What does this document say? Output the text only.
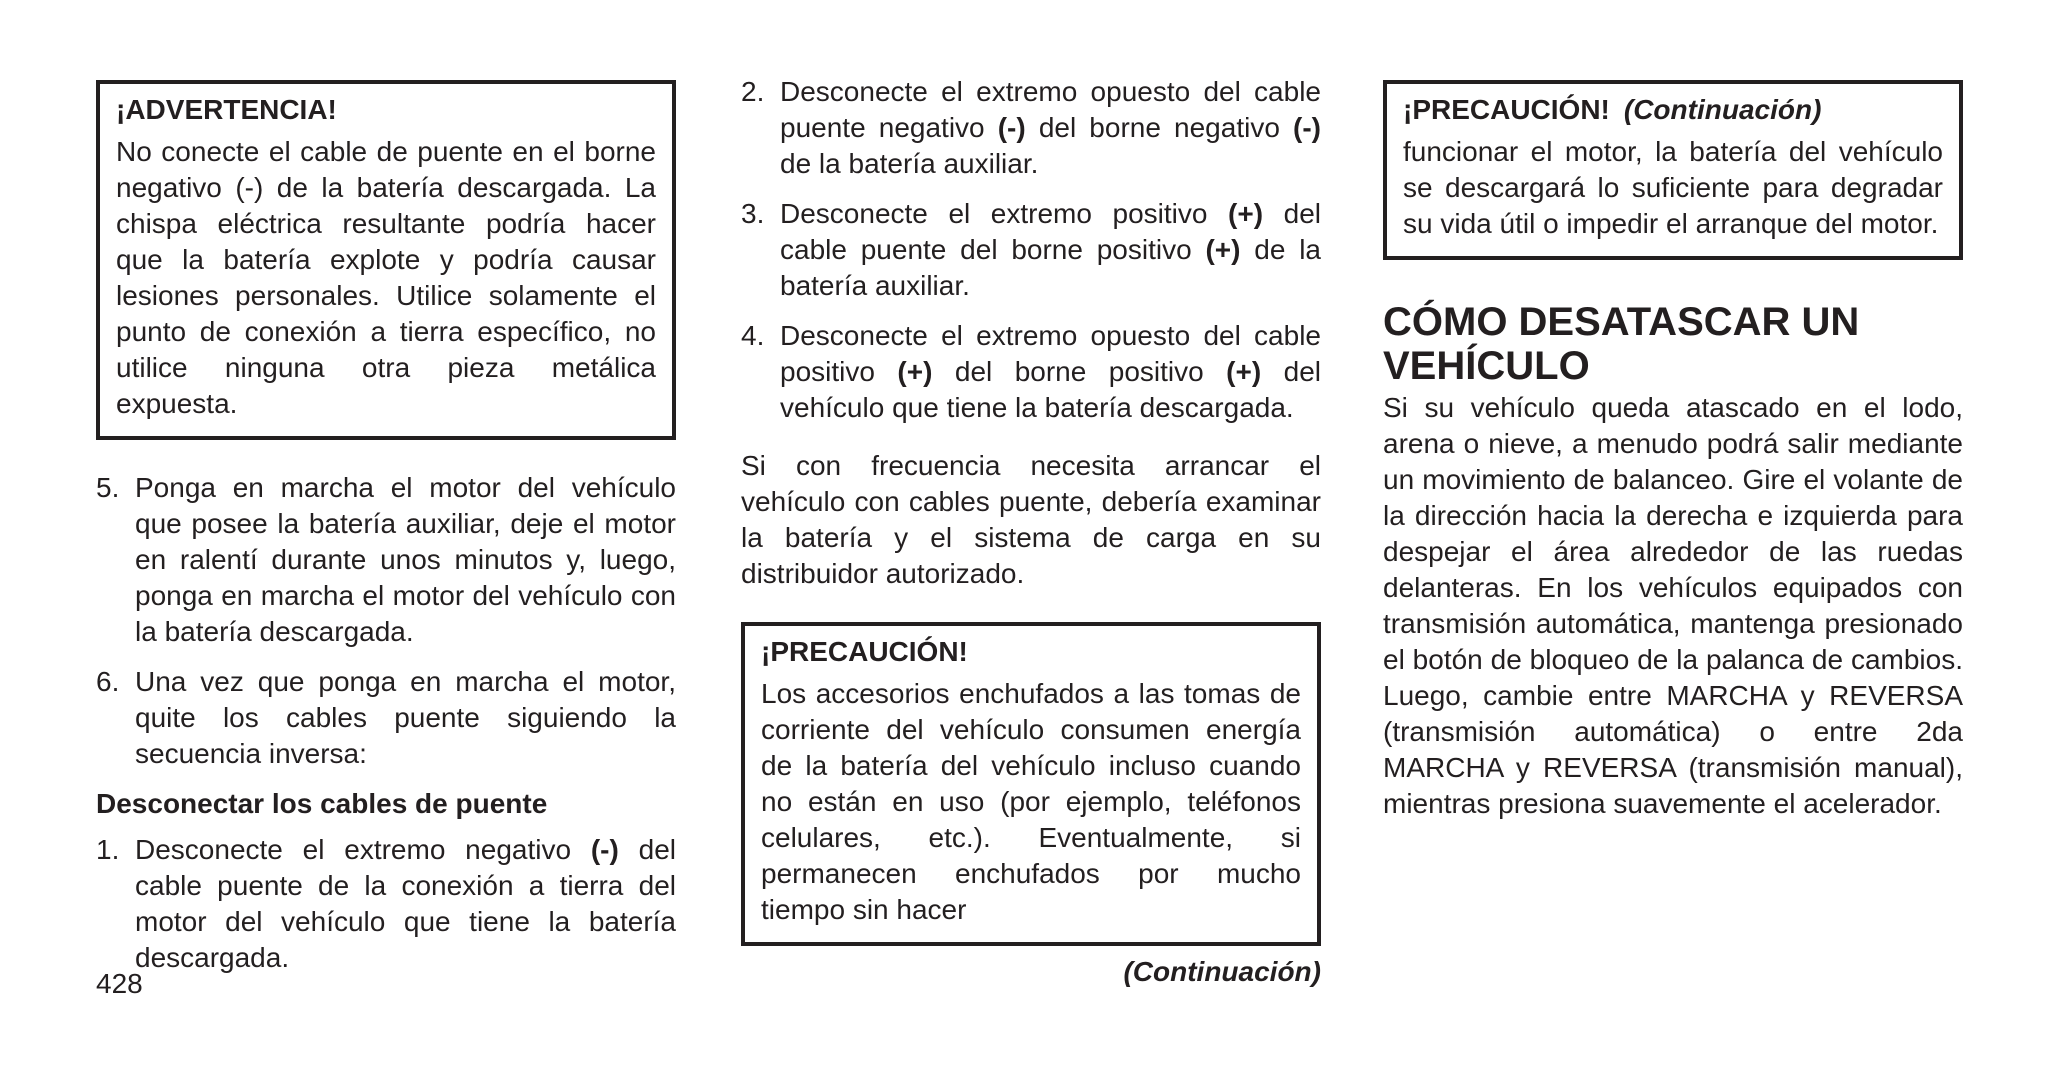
¡ADVERTENCIA!
No conecte el cable de puente en el borne negativo (-) de la batería descargada. La chispa eléctrica resultante podría hacer que la batería explote y podría causar lesiones personales. Utilice solamente el punto de conexión a tierra específico, no utilice ninguna otra pieza metálica expuesta.
5. Ponga en marcha el motor del vehículo que posee la batería auxiliar, deje el motor en ralentí durante unos minutos y, luego, ponga en marcha el motor del vehículo con la batería descargada.
6. Una vez que ponga en marcha el motor, quite los cables puente siguiendo la secuencia inversa:
Desconectar los cables de puente
1. Desconecte el extremo negativo (-) del cable puente de la conexión a tierra del motor del vehículo que tiene la batería descargada.
2. Desconecte el extremo opuesto del cable puente negativo (-) del borne negativo (-) de la batería auxiliar.
3. Desconecte el extremo positivo (+) del cable puente del borne positivo (+) de la batería auxiliar.
4. Desconecte el extremo opuesto del cable positivo (+) del borne positivo (+) del vehículo que tiene la batería descargada.

Si con frecuencia necesita arrancar el vehículo con cables puente, debería examinar la batería y el sistema de carga en su distribuidor autorizado.

¡PRECAUCIÓN!
Los accesorios enchufados a las tomas de corriente del vehículo consumen energía de la batería del vehículo incluso cuando no están en uso (por ejemplo, teléfonos celulares, etc.). Eventualmente, si permanecen enchufados por mucho tiempo sin hacer
(Continuación)
¡PRECAUCIÓN! (Continuación)
funcionar el motor, la batería del vehículo se descargará lo suficiente para degradar su vida útil o impedir el arranque del motor.
CÓMO DESATASCAR UN
VEHÍCULO

Si su vehículo queda atascado en el lodo, arena o nieve, a menudo podrá salir mediante un movimiento de balanceo. Gire el volante de la dirección hacia la derecha e izquierda para despejar el área alrededor de las ruedas delanteras. En los vehículos equipados con transmisión automática, mantenga presionado el botón de bloqueo de la palanca de cambios. Luego, cambie entre MARCHA y REVERSA (transmisión automática) o entre 2da MARCHA y REVERSA (transmisión manual), mientras presiona suavemente el acelerador.

428
